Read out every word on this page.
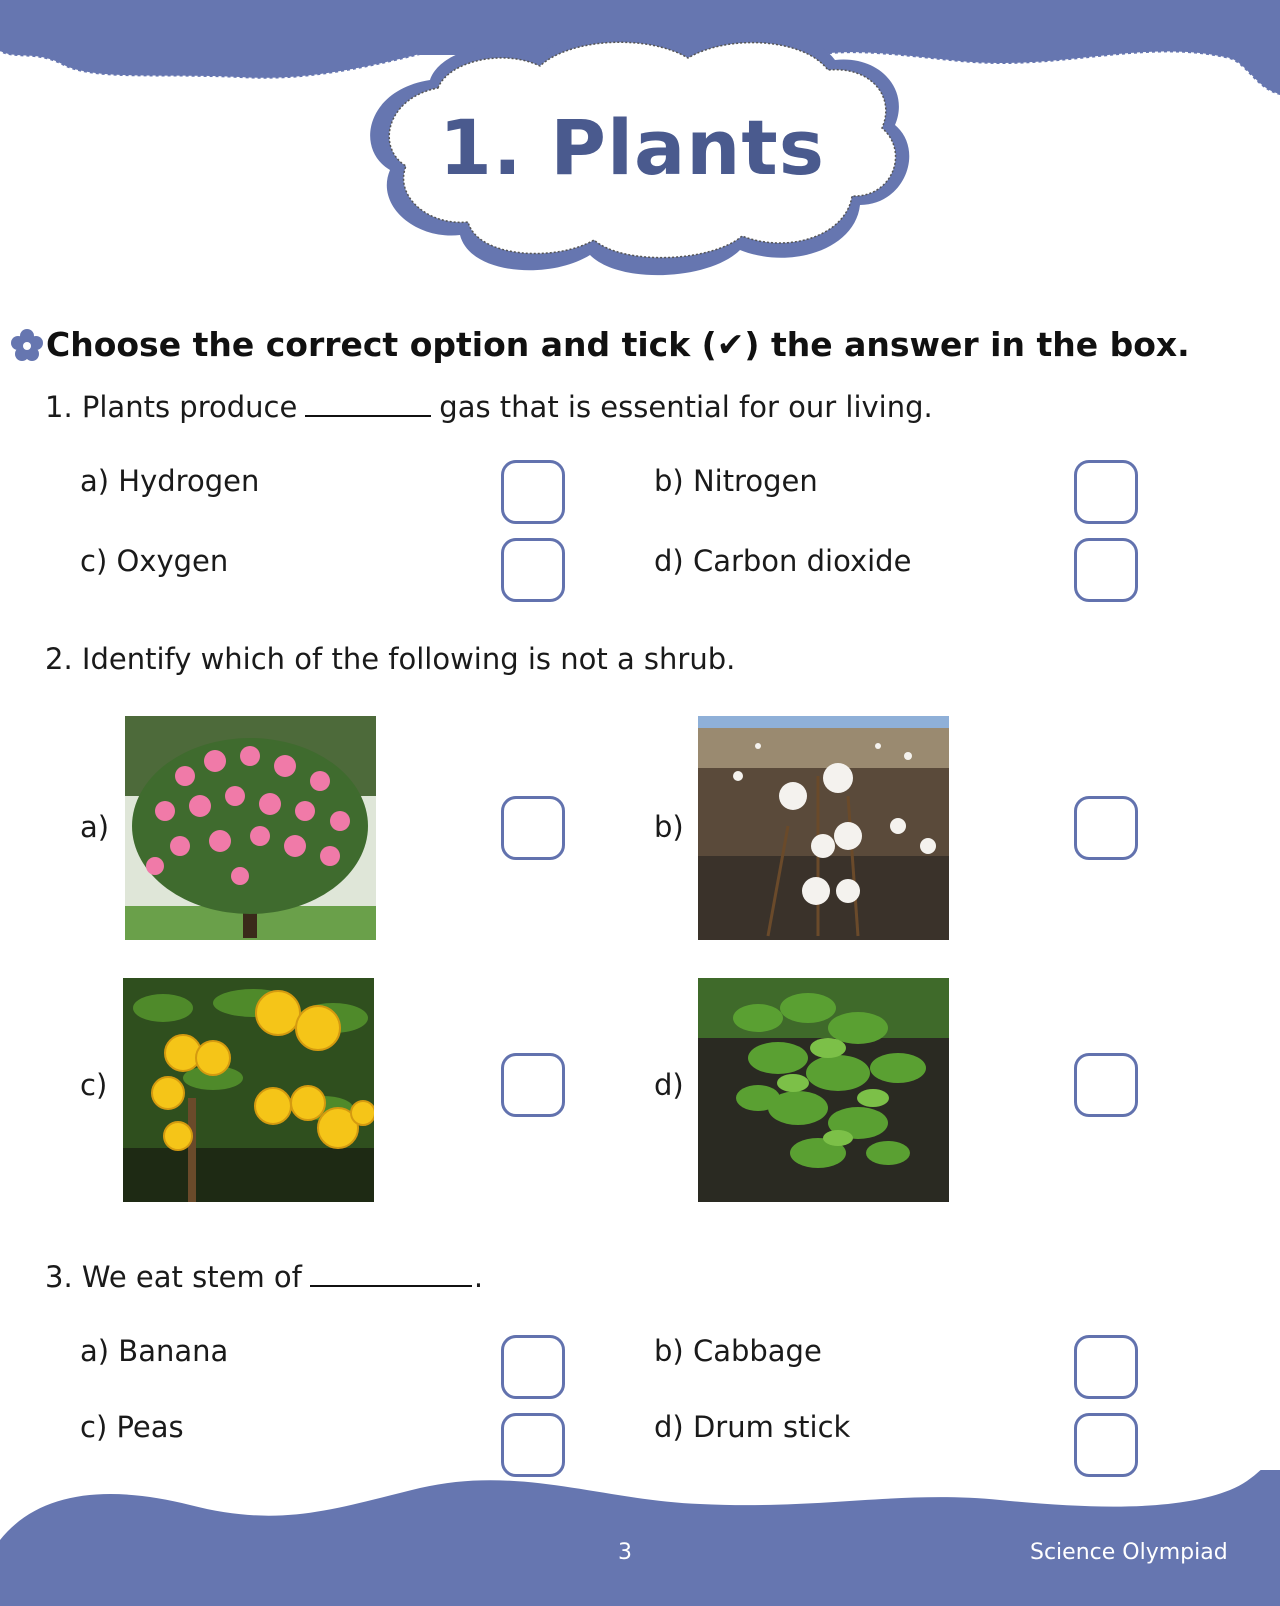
1. Plants
Choose the correct option and tick (✔) the answer in the box.
1. Plants produce	gas that is essential for our living.
a) Hydrogen	b) Nitrogen
c) Oxygen	d) Carbon dioxide
2. Identify which of the following is not a shrub.
a)	b)
c)	d)
3. We eat stem of	.
a) Banana	b) Cabbage
c) Peas	d) Drum stick
3	Science Olympiad
